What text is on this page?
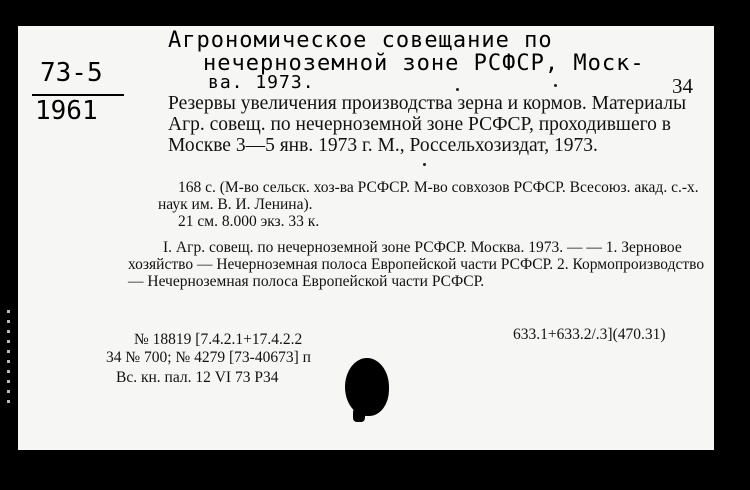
Агрономическое совещание по
нечерноземной зоне РСФСР, Моск-
ва. 1973.
73-5
1961
34
Резервы увеличения производства зерна и кормов. Материалы Агр. совещ. по нечерноземной зоне РСФСР, проходившего в Москве 3—5 янв. 1973 г. М., Россельхозиздат, 1973.
168 с. (М-во сельск. хоз-ва РСФСР. М-во совхозов РСФСР. Всесоюз. акад. с.-х. наук им. В. И. Ленина).
21 см. 8.000 экз. 33 к.
I. Агр. совещ. по нечерноземной зоне РСФСР. Москва. 1973. — — 1. Зерновое хозяйство — Нечерноземная полоса Европейской части РСФСР. 2. Кормопроизводство — Нечерноземная полоса Европейской части РСФСР.
№ 18819 [7.4.2.1+17.4.2.2	633.1+633.2/.3](470.31)
34 № 700; № 4279 [73-40673] п
Вс. кн. пал. 12 VI 73 P34
